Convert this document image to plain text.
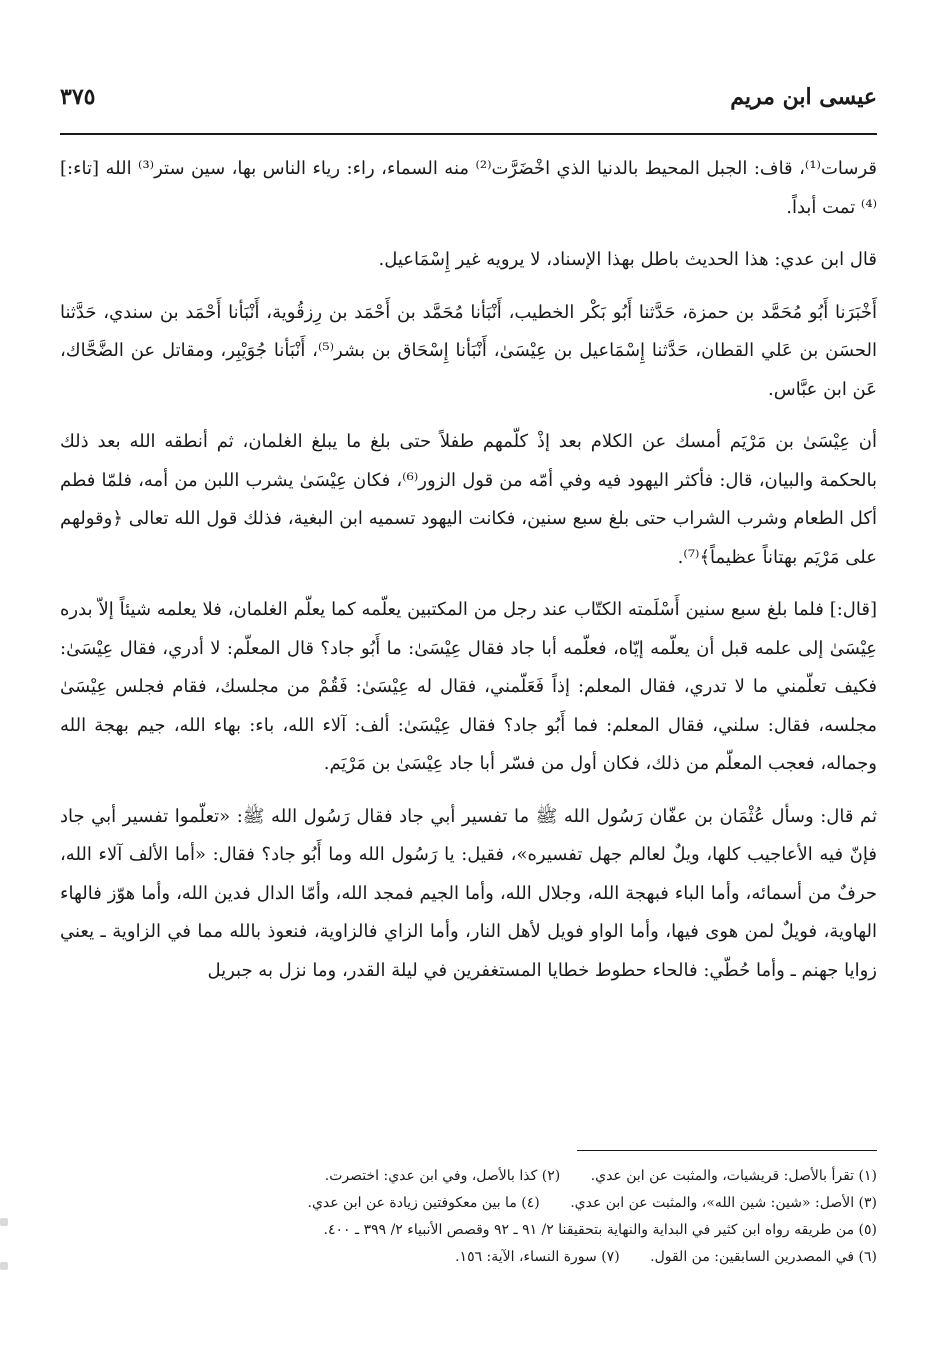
عيسى ابن مريم
٣٧٥

قرسات⁽¹⁾، قاف: الجبل المحيط بالدنيا الذي اخْضَرَّت⁽²⁾ منه السماء، راء: رياء الناس بها، سين ستر⁽³⁾ الله [تاء:]⁽⁴⁾ تمت أبداً.

قال ابن عدي: هذا الحديث باطل بهذا الإسناد، لا يرويه غير إِسْمَاعيل.

أَخْبَرَنا أَبُو مُحَمَّد بن حمزة، حَدَّثنا أَبُو بَكْر الخطيب، أَنْبَأنا مُحَمَّد بن أَحْمَد بن رِزقُوية، أَنْبَأنا أَحْمَد بن سندي، حَدَّثنا الحسَن بن عَلي القطان، حَدَّثنا إِسْمَاعيل بن عِيْسَىٰ، أَنْبَأنا إِسْحَاق بن بشر⁽⁵⁾، أَنْبَأنا جُوَيْبِر، ومقاتل عن الضَّحَّاك، عَن ابن عبَّاس.

أن عِيْسَىٰ بن مَرْيَم أمسك عن الكلام بعد إذْ كلّمهم طفلاً حتى بلغ ما يبلغ الغلمان، ثم أنطقه الله بعد ذلك بالحكمة والبيان، قال: فأكثر اليهود فيه وفي أمّه من قول الزور⁽⁶⁾، فكان عِيْسَىٰ يشرب اللبن من أمه، فلمّا فطم أكل الطعام وشرب الشراب حتى بلغ سبع سنين، فكانت اليهود تسميه ابن البغية، فذلك قول الله تعالى ﴿وقولهم على مَرْيَم بهتاناً عظيماً﴾⁽⁷⁾.

[قال:] فلما بلغ سبع سنين أَسْلَمته الكتّاب عند رجل من المكتبين يعلّمه كما يعلّم الغلمان، فلا يعلمه شيئاً إلاّ بدره عِيْسَىٰ إلى علمه قبل أن يعلّمه إيّاه، فعلّمه أبا جاد فقال عِيْسَىٰ: ما أَبُو جاد؟ قال المعلّم: لا أدري، فقال عِيْسَىٰ: فكيف تعلّمني ما لا تدري، فقال المعلم: إذاً فَعَلّمني، فقال له عِيْسَىٰ: فَقُمْ من مجلسك، فقام فجلس عِيْسَىٰ مجلسه، فقال: سلني، فقال المعلم: فما أَبُو جاد؟ فقال عِيْسَىٰ: ألف: آلاء الله، باء: بهاء الله، جيم بهجة الله وجماله، فعجب المعلّم من ذلك، فكان أول من فسّر أبا جاد عِيْسَىٰ بن مَرْيَم.

ثم قال: وسأل عُثْمَان بن عفّان رَسُول الله ﷺ ما تفسير أبي جاد فقال رَسُول الله ﷺ: «تعلّموا تفسير أبي جاد فإنّ فيه الأعاجيب كلها، ويلٌ لعالم جهل تفسيره»، فقيل: يا رَسُول الله وما أَبُو جاد؟ فقال: «أما الألف آلاء الله، حرفٌ من أسمائه، وأما الباء فبهجة الله، وجلال الله، وأما الجيم فمجد الله، وأمّا الدال فدين الله، وأما هوّز فالهاء الهاوية، فويلٌ لمن هوى فيها، وأما الواو فويل لأهل النار، وأما الزاي فالزاوية، فنعوذ بالله مما في الزاوية ـ يعني زوايا جهنم ـ وأما حُطّي: فالحاء حطوط خطايا المستغفرين في ليلة القدر، وما نزل به جبريل

(١) تقرأ بالأصل: قريشيات، والمثبت عن ابن عدي. (٢) كذا بالأصل، وفي ابن عدي: اختصرت.
(٣) الأصل: «شين: شين الله»، والمثبت عن ابن عدي. (٤) ما بين معكوفتين زيادة عن ابن عدي.
(٥) من طريقه رواه ابن كثير في البداية والنهاية بتحقيقنا ٢/ ٩١ ـ ٩٢ وقصص الأنبياء ٢/ ٣٩٩ ـ ٤٠٠.
(٦) في المصدرين السابقين: من القول. (٧) سورة النساء، الآية: ١٥٦.
